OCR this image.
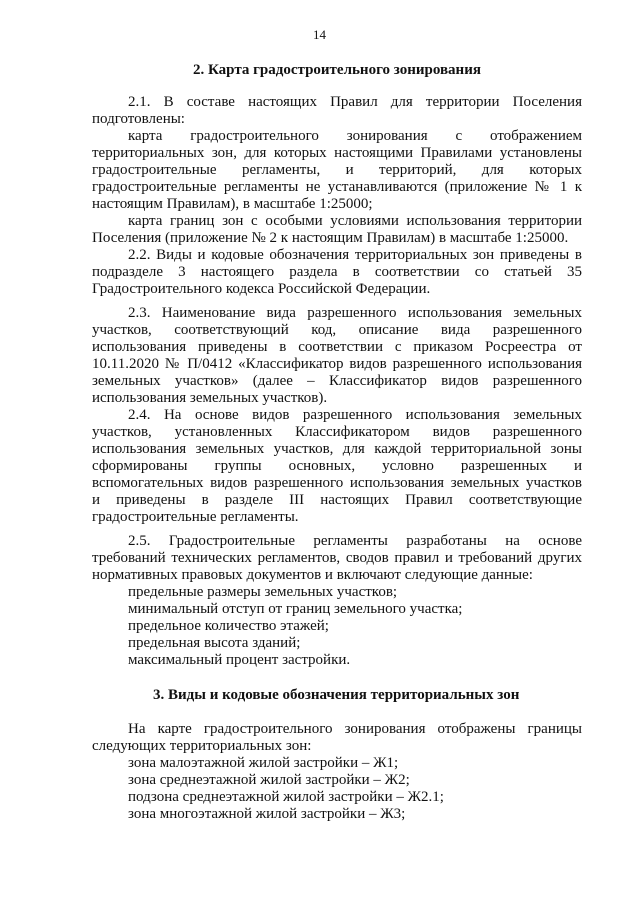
14
2. Карта градостроительного зонирования
2.1. В составе настоящих Правил для территории Поселения
подготовлены:
карта градостроительного зонирования с отображением
территориальных зон, для которых настоящими Правилами установлены
градостроительные регламенты, и территорий, для которых
градостроительные регламенты не устанавливаются (приложение № 1 к
настоящим Правилам), в масштабе 1:25000;
карта границ зон с особыми условиями использования территории
Поселения (приложение № 2 к настоящим Правилам) в масштабе 1:25000.
2.2. Виды и кодовые обозначения территориальных зон приведены в
подразделе 3 настоящего раздела в соответствии со статьей 35
Градостроительного кодекса Российской Федерации.
2.3. Наименование вида разрешенного использования земельных
участков, соответствующий код, описание вида разрешенного
использования приведены в соответствии с приказом Росреестра от
10.11.2020 № П/0412 «Классификатор видов разрешенного использования
земельных участков» (далее – Классификатор видов разрешенного
использования земельных участков).
2.4. На основе видов разрешенного использования земельных
участков, установленных Классификатором видов разрешенного
использования земельных участков, для каждой территориальной зоны
сформированы группы основных, условно разрешенных и
вспомогательных видов разрешенного использования земельных участков
и приведены в разделе III настоящих Правил соответствующие
градостроительные регламенты.
2.5. Градостроительные регламенты разработаны на основе
требований технических регламентов, сводов правил и требований других
нормативных правовых документов и включают следующие данные:
предельные размеры земельных участков;
минимальный отступ от границ земельного участка;
предельное количество этажей;
предельная высота зданий;
максимальный процент застройки.
3. Виды и кодовые обозначения территориальных зон
На карте градостроительного зонирования отображены границы
следующих территориальных зон:
зона малоэтажной жилой застройки – Ж1;
зона среднеэтажной жилой застройки – Ж2;
подзона среднеэтажной жилой застройки – Ж2.1;
зона многоэтажной жилой застройки – Ж3;
